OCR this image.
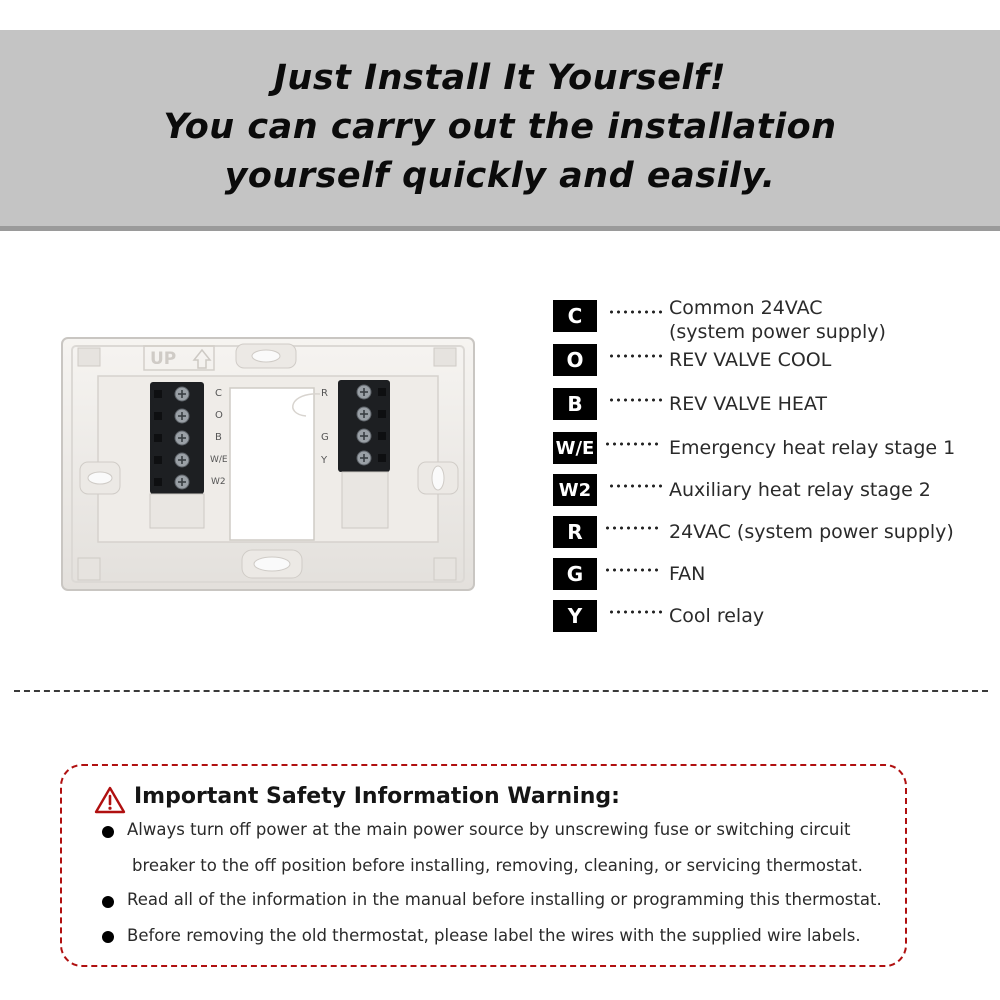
Just Install It Yourself!
You can carry out the installation
yourself quickly and easily.
C
O
B
W/E
W2
R
G
Y
UP
C	Common 24VAC
(system power supply)
O	REV VALVE COOL
B	REV VALVE HEAT
W/E	Emergency heat relay stage 1
W2	Auxiliary heat relay stage 2
R	24VAC (system power supply)
G	FAN
Y	Cool relay
Important Safety Information Warning:
Always turn off power at the main power source by unscrewing fuse or switching circuit
breaker to the off position before installing, removing, cleaning, or servicing thermostat.
Read all of the information in the manual before installing or programming this thermostat.
Before removing the old thermostat, please label the wires with the supplied wire labels.
